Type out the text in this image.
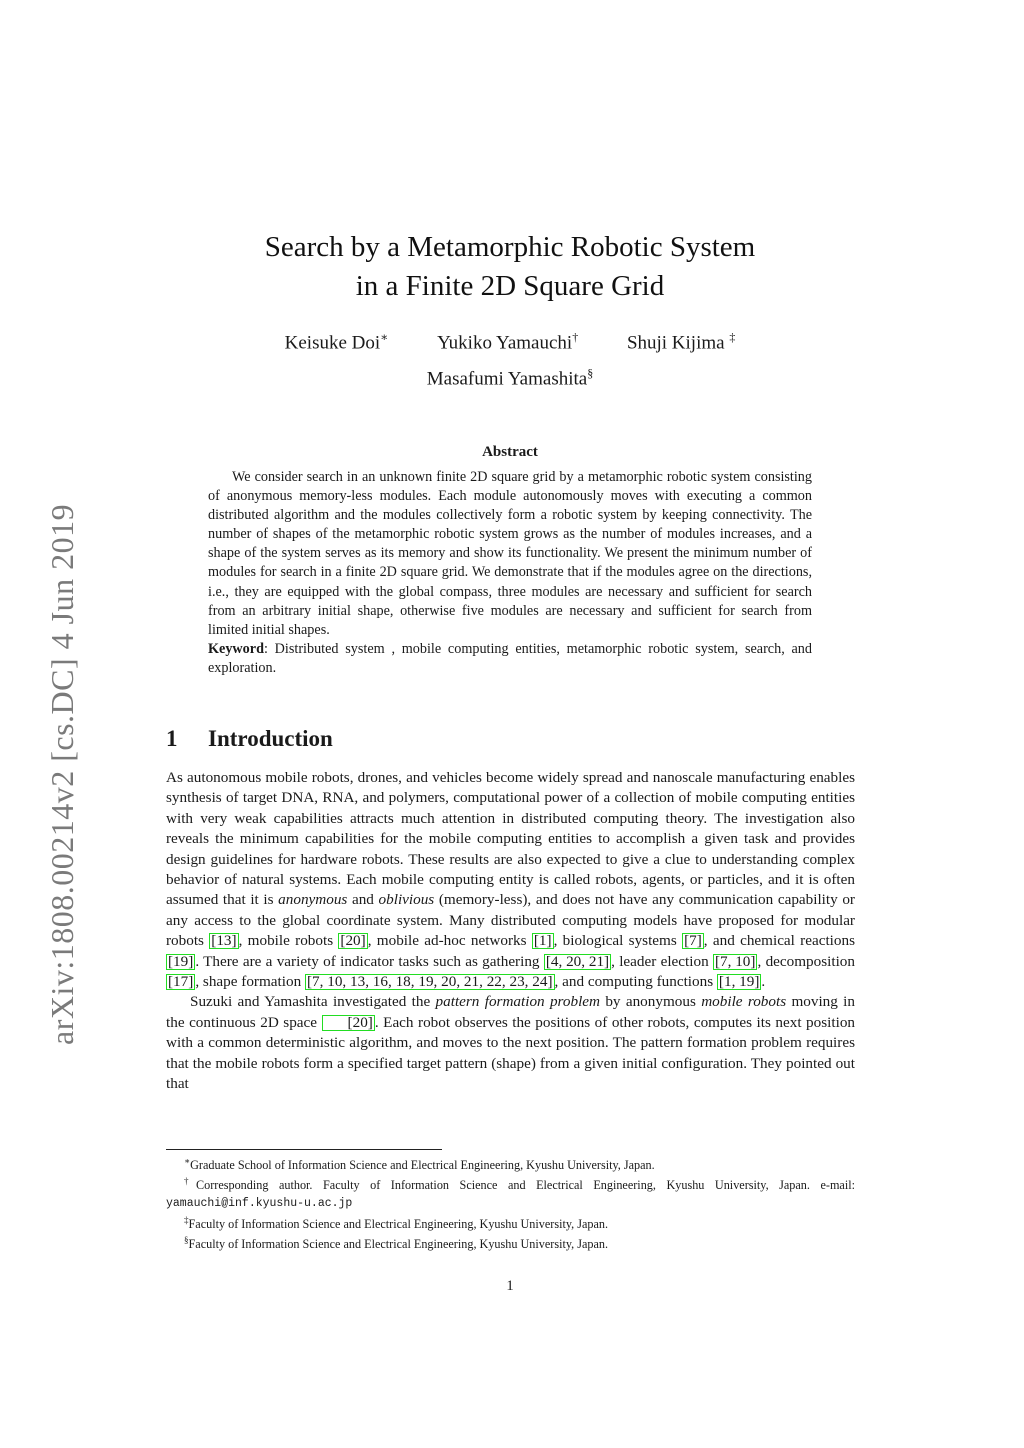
arXiv:1808.00214v2 [cs.DC] 4 Jun 2019
Search by a Metamorphic Robotic System
in a Finite 2D Square Grid
Keisuke Doi∗	Yukiko Yamauchi†	Shuji Kijima ‡
Masafumi Yamashita§
Abstract

We consider search in an unknown finite 2D square grid by a metamorphic robotic system consisting of anonymous memory-less modules. Each module autonomously moves with executing a common distributed algorithm and the modules collectively form a robotic system by keeping connectivity. The number of shapes of the metamorphic robotic system grows as the number of modules increases, and a shape of the system serves as its memory and show its functionality. We present the minimum number of modules for search in a finite 2D square grid. We demonstrate that if the modules agree on the directions, i.e., they are equipped with the global compass, three modules are necessary and sufficient for search from an arbitrary initial shape, otherwise five modules are necessary and sufficient for search from limited initial shapes.

Keyword: Distributed system , mobile computing entities, metamorphic robotic system, search, and exploration.

1 Introduction

As autonomous mobile robots, drones, and vehicles become widely spread and nanoscale manufacturing enables synthesis of target DNA, RNA, and polymers, computational power of a collection of mobile computing entities with very weak capabilities attracts much attention in distributed computing theory. The investigation also reveals the minimum capabilities for the mobile computing entities to accomplish a given task and provides design guidelines for hardware robots. These results are also expected to give a clue to understanding complex behavior of natural systems. Each mobile computing entity is called robots, agents, or particles, and it is often assumed that it is anonymous and oblivious (memory-less), and does not have any communication capability or any access to the global coordinate system. Many distributed computing models have proposed for modular robots [13] , mobile robots [20] , mobile ad-hoc networks [1] , biological systems [7] , and chemical reactions [19] . There are a variety of indicator tasks such as gathering [4, 20, 21] , leader election [7, 10] , decomposition [17] , shape formation [7, 10, 13, 16, 18, 19, 20, 21, 22, 23, 24] , and computing functions [1, 19] .

Suzuki and Yamashita investigated the pattern formation problem by anonymous mobile robots moving in the continuous 2D space [20] . Each robot observes the positions of other robots, computes its next position with a common deterministic algorithm, and moves to the next position. The pattern formation problem requires that the mobile robots form a specified target pattern (shape) from a given initial configuration. They pointed out that

∗Graduate School of Information Science and Electrical Engineering, Kyushu University, Japan.

†Corresponding author. Faculty of Information Science and Electrical Engineering, Kyushu University, Japan. e-mail: yamauchi@inf.kyushu-u.ac.jp

‡Faculty of Information Science and Electrical Engineering, Kyushu University, Japan.

§Faculty of Information Science and Electrical Engineering, Kyushu University, Japan.

1
